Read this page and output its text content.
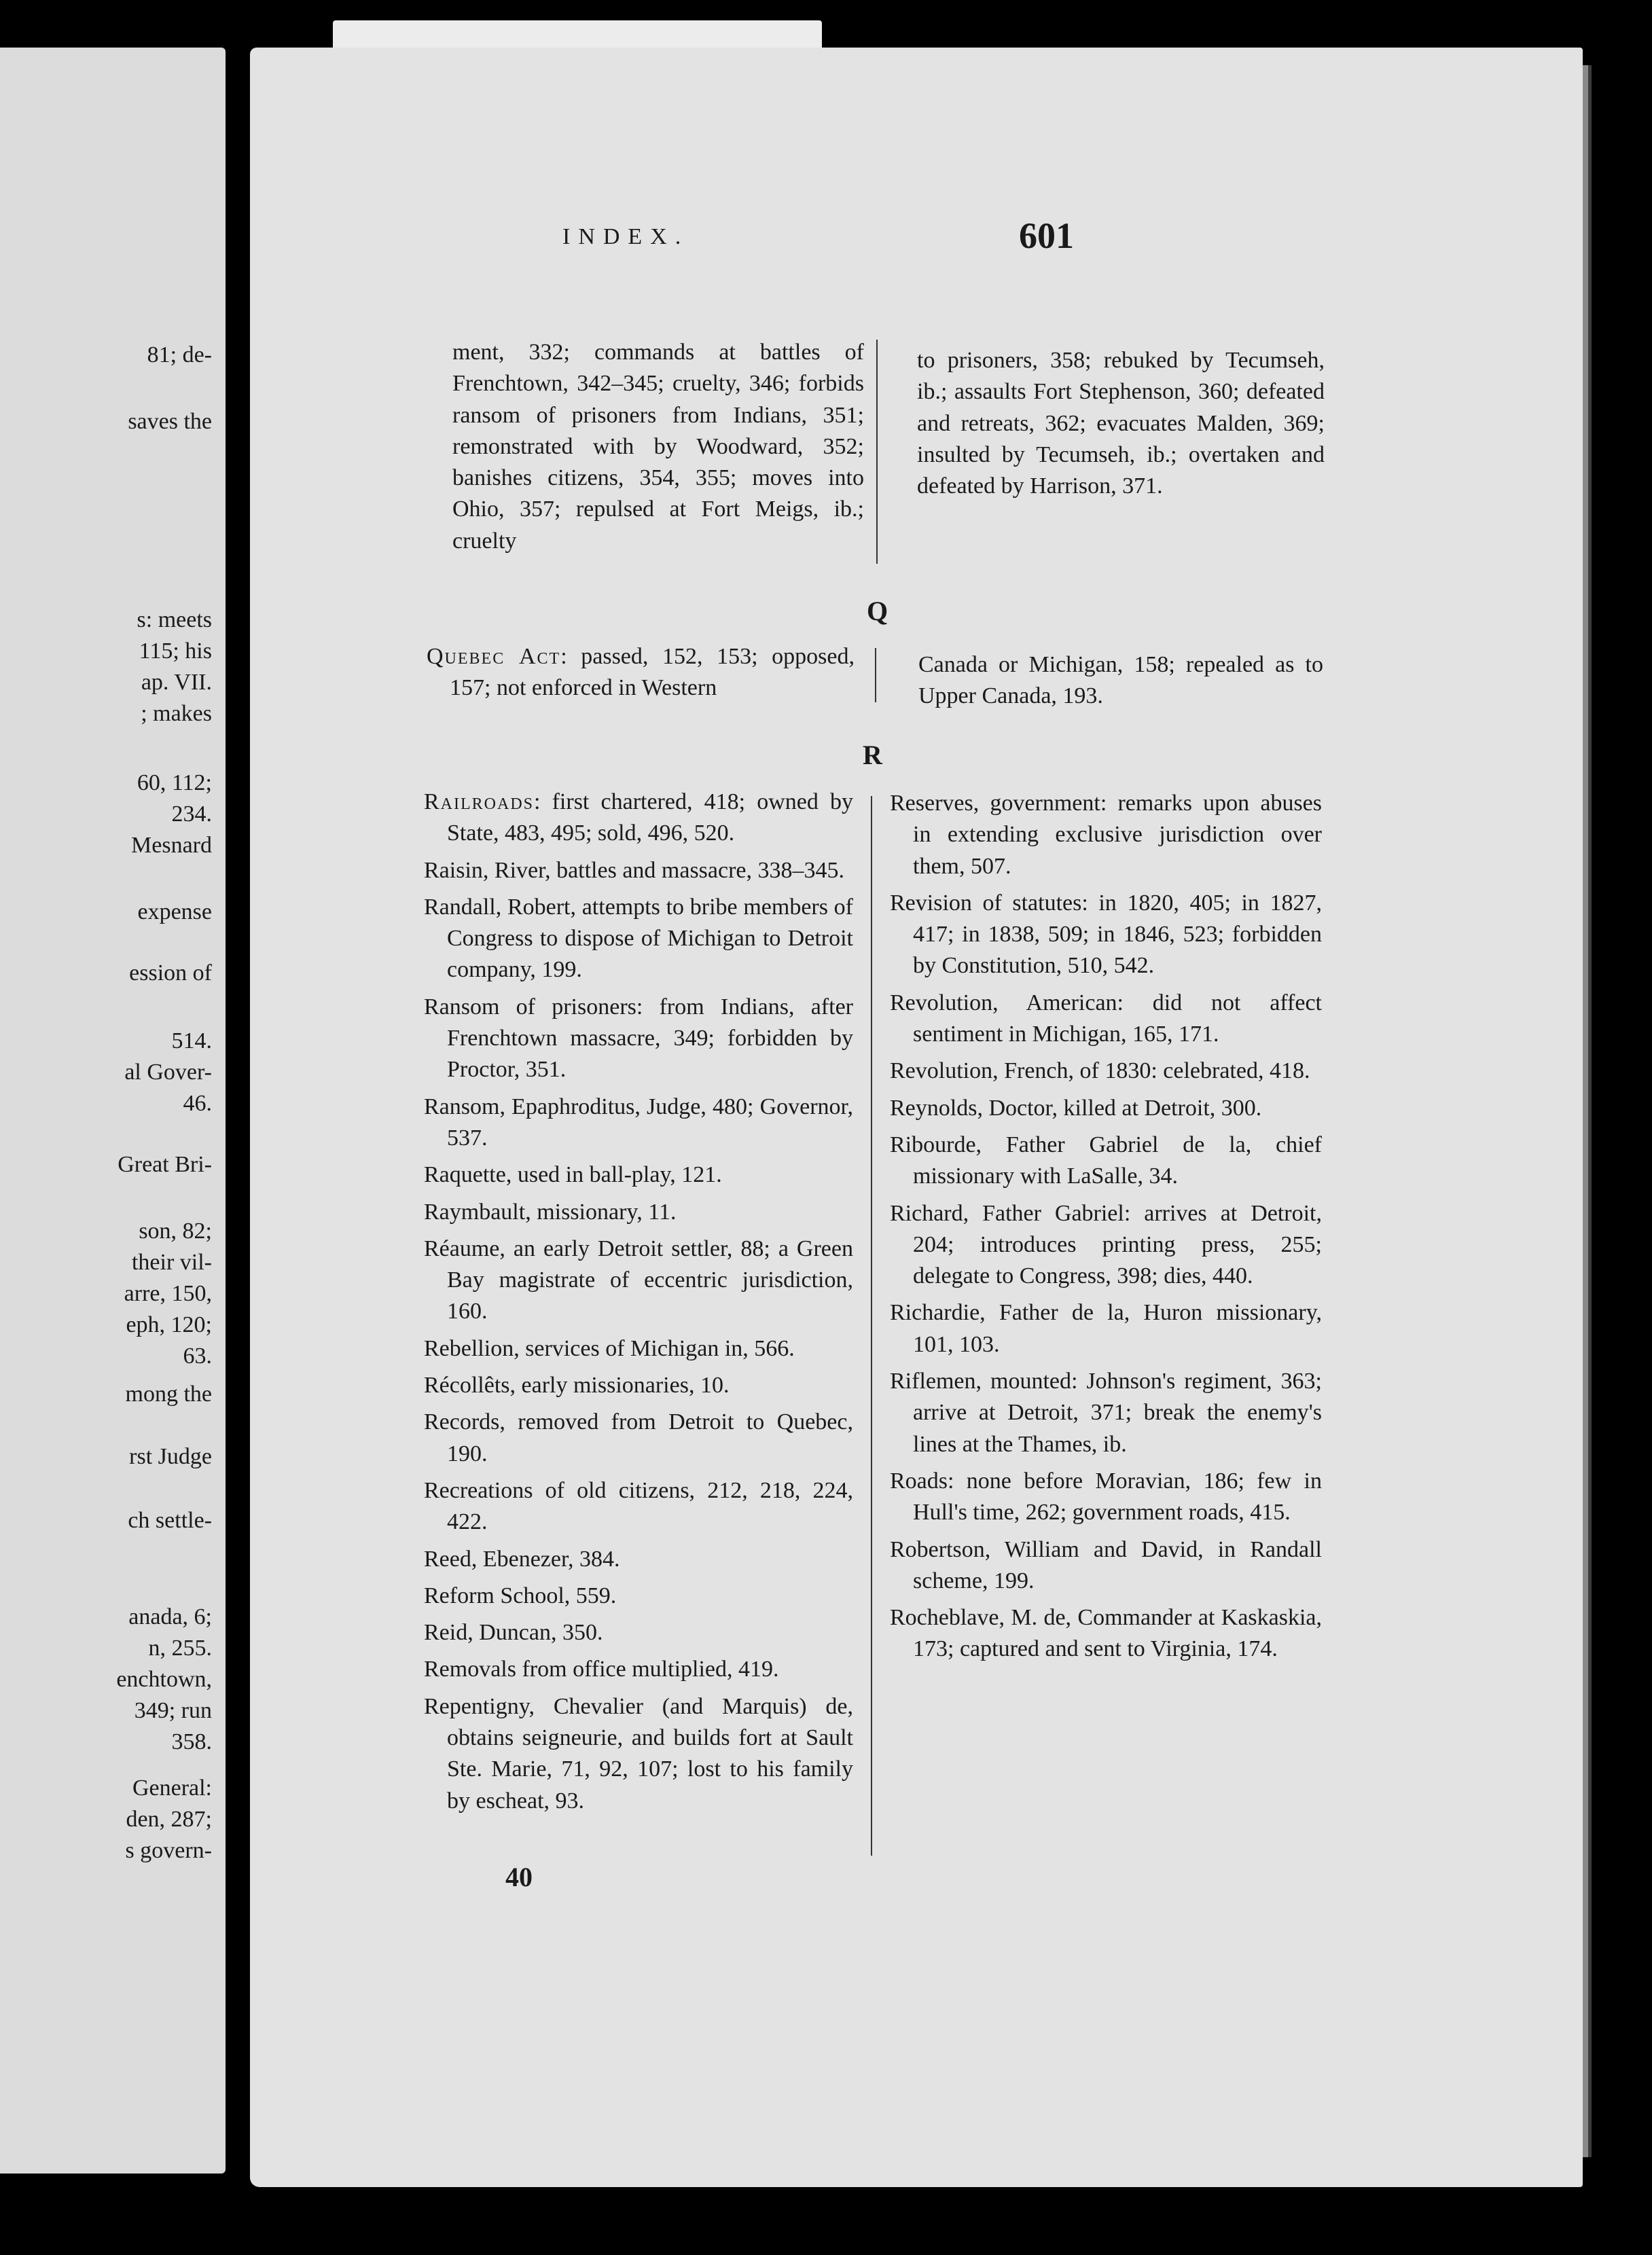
81; de-
saves the
s: meets
115; his
ap. VII.
; makes
60, 112;
234.
Mesnard
expense
ession of
514.
al Gover-
46.
Great Bri-
son, 82;
their vil-
arre, 150,
eph, 120;
63.
mong the
rst Judge
ch settle-
anada, 6;
n, 255.
enchtown,
349; run
358.
General:
den, 287;
s govern-
INDEX.	601

ment, 332; commands at battles of Frenchtown, 342–345; cruelty, 346; forbids ransom of prisoners from Indians, 351; remonstrated with by Woodward, 352; banishes citizens, 354, 355; moves into Ohio, 357; repulsed at Fort Meigs, ib.; cruelty

to prisoners, 358; rebuked by Tecumseh, ib.; assaults Fort Stephenson, 360; defeated and retreats, 362; evacuates Malden, 369; insulted by Tecumseh, ib.; overtaken and defeated by Harrison, 371.

Q

Quebec Act: passed, 152, 153; opposed, 157; not enforced in Western

Canada or Michigan, 158; repealed as to Upper Canada, 193.

R

Railroads: first chartered, 418; owned by State, 483, 495; sold, 496, 520.

Raisin, River, battles and massacre, 338–345.

Randall, Robert, attempts to bribe members of Congress to dispose of Michigan to Detroit company, 199.

Ransom of prisoners: from Indians, after Frenchtown massacre, 349; forbidden by Proctor, 351.

Ransom, Epaphroditus, Judge, 480; Governor, 537.

Raquette, used in ball-play, 121.

Raymbault, missionary, 11.

Réaume, an early Detroit settler, 88; a Green Bay magistrate of eccentric jurisdiction, 160.

Rebellion, services of Michigan in, 566.

Récollêts, early missionaries, 10.

Records, removed from Detroit to Quebec, 190.

Recreations of old citizens, 212, 218, 224, 422.

Reed, Ebenezer, 384.

Reform School, 559.

Reid, Duncan, 350.

Removals from office multiplied, 419.

Repentigny, Chevalier (and Marquis) de, obtains seigneurie, and builds fort at Sault Ste. Marie, 71, 92, 107; lost to his family by escheat, 93.

Reserves, government: remarks upon abuses in extending exclusive jurisdiction over them, 507.

Revision of statutes: in 1820, 405; in 1827, 417; in 1838, 509; in 1846, 523; forbidden by Constitution, 510, 542.

Revolution, American: did not affect sentiment in Michigan, 165, 171.

Revolution, French, of 1830: celebrated, 418.

Reynolds, Doctor, killed at Detroit, 300.

Ribourde, Father Gabriel de la, chief missionary with LaSalle, 34.

Richard, Father Gabriel: arrives at Detroit, 204; introduces printing press, 255; delegate to Congress, 398; dies, 440.

Richardie, Father de la, Huron missionary, 101, 103.

Riflemen, mounted: Johnson's regiment, 363; arrive at Detroit, 371; break the enemy's lines at the Thames, ib.

Roads: none before Moravian, 186; few in Hull's time, 262; government roads, 415.

Robertson, William and David, in Randall scheme, 199.

Rocheblave, M. de, Commander at Kaskaskia, 173; captured and sent to Virginia, 174.

40
